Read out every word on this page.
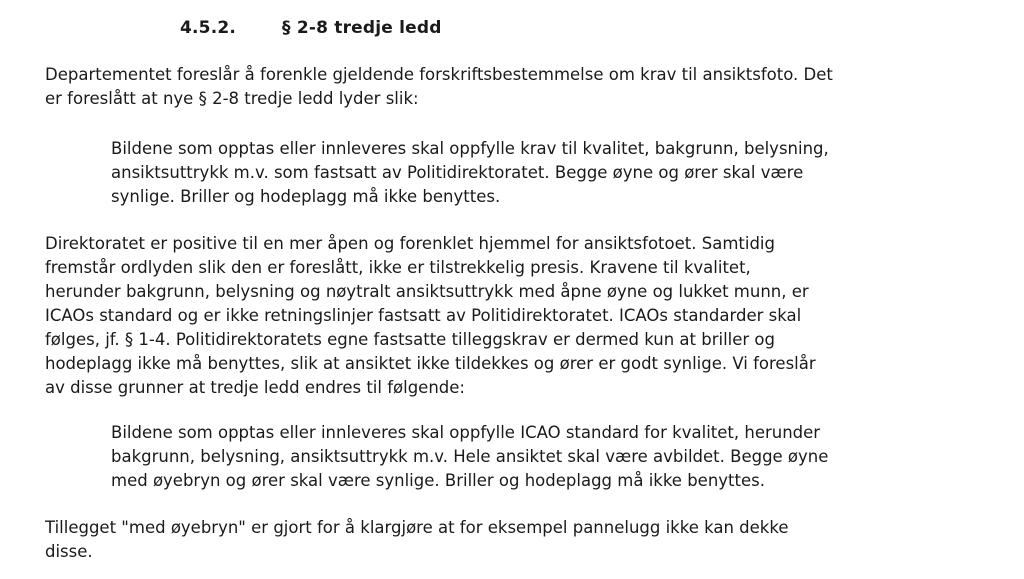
4.5.2.	§ 2-8 tredje ledd

Departementet foreslår å forenkle gjeldende forskriftsbestemmelse om krav til ansiktsfoto. Det
er foreslått at nye § 2-8 tredje ledd lyder slik:

Bildene som opptas eller innleveres skal oppfylle krav til kvalitet, bakgrunn, belysning,
ansiktsuttrykk m.v. som fastsatt av Politidirektoratet. Begge øyne og ører skal være
synlige. Briller og hodeplagg må ikke benyttes.

Direktoratet er positive til en mer åpen og forenklet hjemmel for ansiktsfotoet. Samtidig
fremstår ordlyden slik den er foreslått, ikke er tilstrekkelig presis. Kravene til kvalitet,
herunder bakgrunn, belysning og nøytralt ansiktsuttrykk med åpne øyne og lukket munn, er
ICAOs standard og er ikke retningslinjer fastsatt av Politidirektoratet. ICAOs standarder skal
følges, jf. § 1-4. Politidirektoratets egne fastsatte tilleggskrav er dermed kun at briller og
hodeplagg ikke må benyttes, slik at ansiktet ikke tildekkes og ører er godt synlige. Vi foreslår
av disse grunner at tredje ledd endres til følgende:

Bildene som opptas eller innleveres skal oppfylle ICAO standard for kvalitet, herunder
bakgrunn, belysning, ansiktsuttrykk m.v. Hele ansiktet skal være avbildet. Begge øyne
med øyebryn og ører skal være synlige. Briller og hodeplagg må ikke benyttes.

Tillegget "med øyebryn" er gjort for å klargjøre at for eksempel pannelugg ikke kan dekke
disse.
